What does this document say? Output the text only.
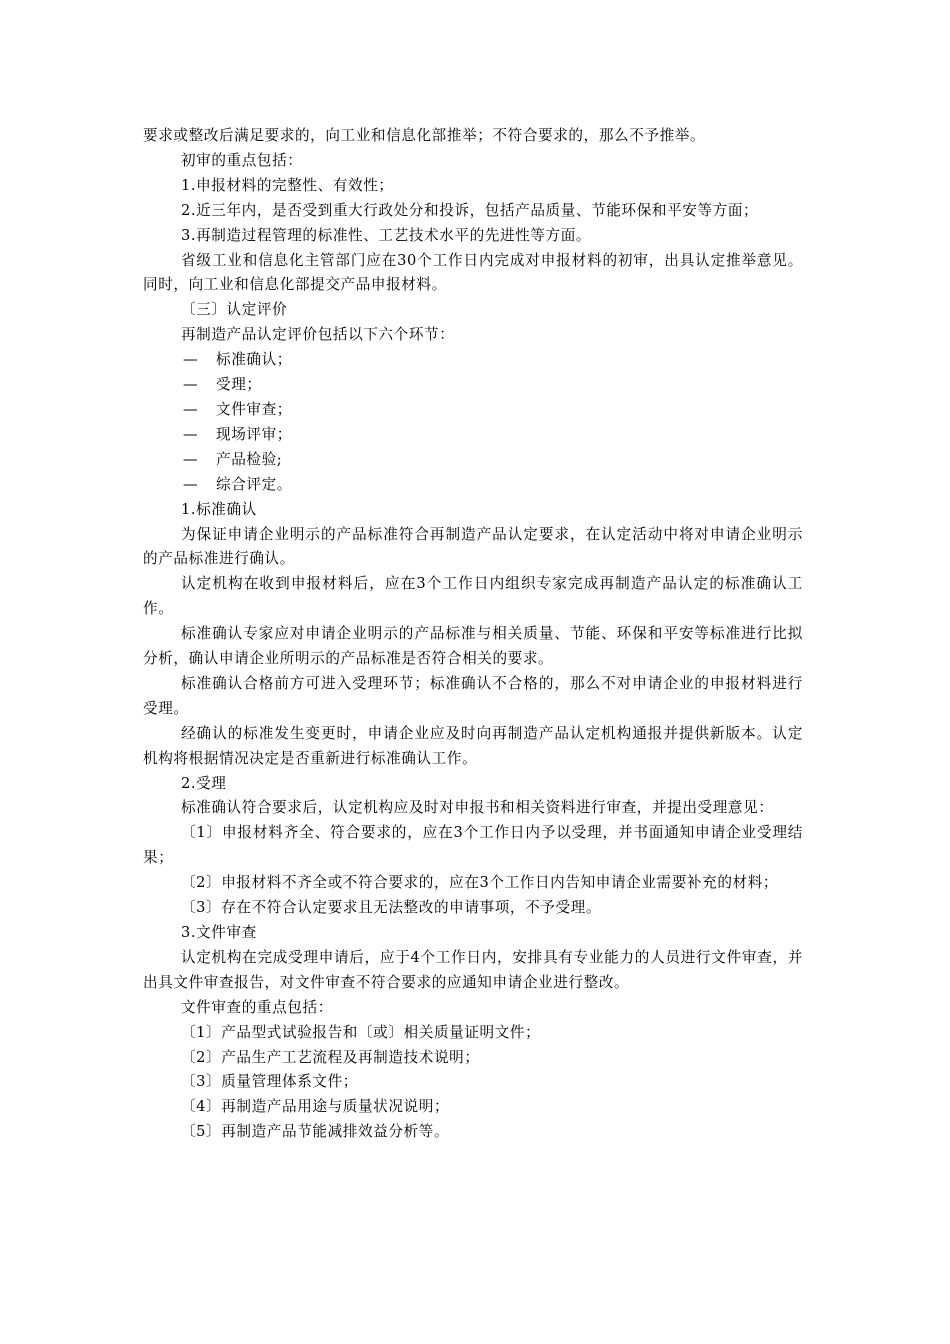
要求或整改后满足要求的，向工业和信息化部推举；不符合要求的，那么不予推举。

初审的重点包括：

1.申报材料的完整性、有效性；

2.近三年内，是否受到重大行政处分和投诉，包括产品质量、节能环保和平安等方面；

3.再制造过程管理的标准性、工艺技术水平的先进性等方面。

省级工业和信息化主管部门应在30个工作日内完成对申报材料的初审，出具认定推举意见。同时，向工业和信息化部提交产品申报材料。

〔三〕认定评价

再制造产品认定评价包括以下六个环节：

— 标准确认；
— 受理；
— 文件审查；
— 现场评审；
— 产品检验;
— 综合评定。

1.标准确认

为保证申请企业明示的产品标准符合再制造产品认定要求，在认定活动中将对申请企业明示的产品标准进行确认。

认定机构在收到申报材料后，应在3个工作日内组织专家完成再制造产品认定的标准确认工作。

标准确认专家应对申请企业明示的产品标准与相关质量、节能、环保和平安等标准进行比拟分析，确认申请企业所明示的产品标准是否符合相关的要求。

标准确认合格前方可进入受理环节；标准确认不合格的，那么不对申请企业的申报材料进行受理。

经确认的标准发生变更时，申请企业应及时向再制造产品认定机构通报并提供新版本。认定机构将根据情况决定是否重新进行标准确认工作。

2.受理

标准确认符合要求后，认定机构应及时对申报书和相关资料进行审查，并提出受理意见：

〔1〕申报材料齐全、符合要求的，应在3个工作日内予以受理，并书面通知申请企业受理结果；

〔2〕申报材料不齐全或不符合要求的，应在3个工作日内告知申请企业需要补充的材料；

〔3〕存在不符合认定要求且无法整改的申请事项，不予受理。

3.文件审查

认定机构在完成受理申请后，应于4个工作日内，安排具有专业能力的人员进行文件审查，并出具文件审查报告，对文件审查不符合要求的应通知申请企业进行整改。

文件审查的重点包括：

〔1〕产品型式试验报告和〔或〕相关质量证明文件；

〔2〕产品生产工艺流程及再制造技术说明；

〔3〕质量管理体系文件；

〔4〕再制造产品用途与质量状况说明；

〔5〕再制造产品节能减排效益分析等。
